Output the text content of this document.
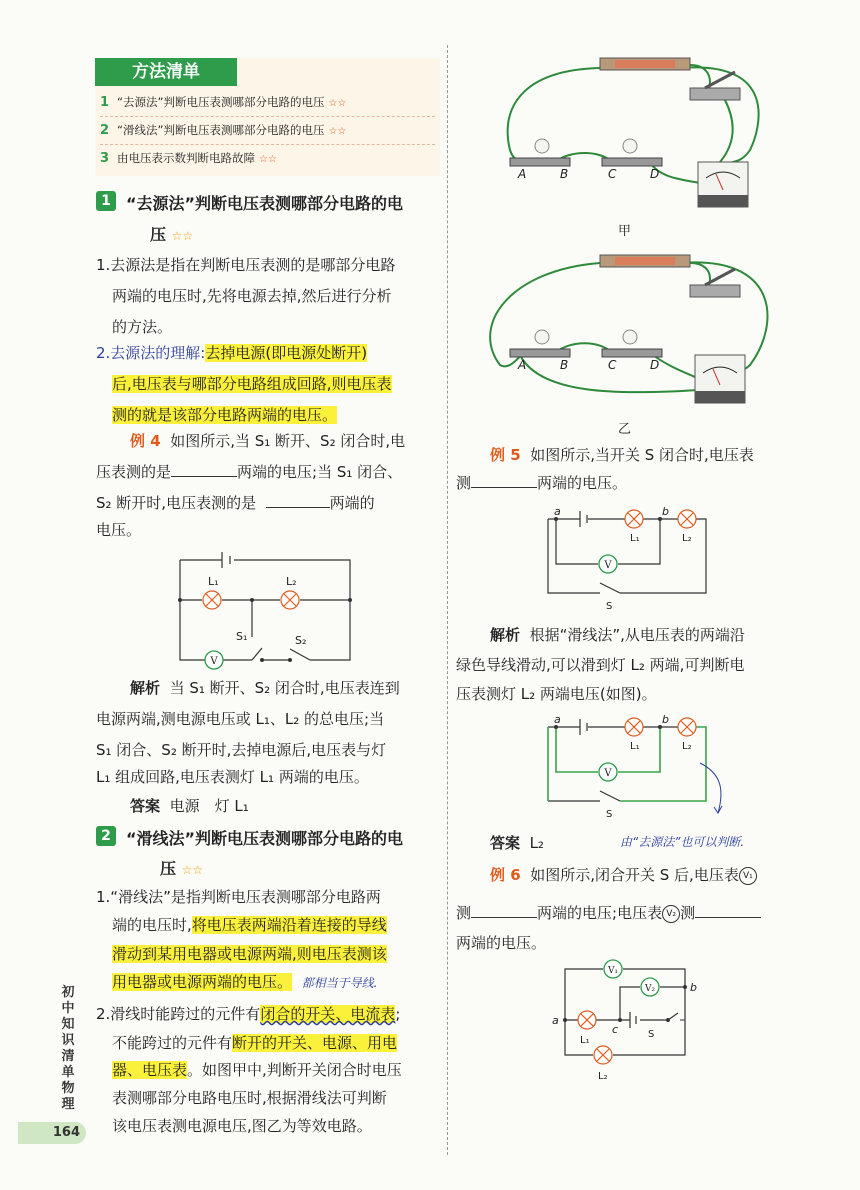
方法清单
1 “去源法”判断电压表测哪部分电路的电压 ☆☆
2 “滑线法”判断电压表测哪部分电路的电压 ☆☆
3 由电压表示数判断电路故障 ☆☆
1 “去源法”判断电压表测哪部分电路的电
压 ☆☆
1.去源法是指在判断电压表测的是哪部分电路
两端的电压时,先将电源去掉,然后进行分析
的方法。
2.去源法的理解:去掉电源(即电源处断开)
后,电压表与哪部分电路组成回路,则电压表
测的就是该部分电路两端的电压。
例 4 如图所示,当 S₁ 断开、S₂ 闭合时,电
压表测的是	两端的电压;当 S₁ 闭合、
S₂ 断开时,电压表测的是	两端的
电压。
V
L₁	L₂
S₁	S₂
解析 当 S₁ 断开、S₂ 闭合时,电压表连到
电源两端,测电源电压或 L₁、L₂ 的总电压;当
S₁ 闭合、S₂ 断开时,去掉电源后,电压表与灯
L₁ 组成回路,电压表测灯 L₁ 两端的电压。
答案 电源　灯 L₁
2 “滑线法”判断电压表测哪部分电路的电
压 ☆☆
1.“滑线法”是指判断电压表测哪部分电路两
端的电压时,将电压表两端沿着连接的导线
滑动到某用电器或电源两端,则电压表测该
用电器或电源两端的电压。 都相当于导线.
2.滑线时能跨过的元件有闭合的开关、电流表;
不能跨过的元件有断开的开关、电源、用电
器、电压表。如图甲中,判断开关闭合时电压
表测哪部分电路电压时,根据滑线法可判断
该电压表测电源电压,图乙为等效电路。
初中知识清单 物理
164
A	B	C	D
甲
A	B	C	D
乙
例 5 如图所示,当开关 S 闭合时,电压表
测	两端的电压。
V
a	b
L₁	L₂
S
解析 根据“滑线法”,从电压表的两端沿
绿色导线滑动,可以滑到灯 L₂ 两端,可判断电
压表测灯 L₂ 两端电压(如图)。
V
a	b
L₁	L₂
S
答案 L₂	由“去源法”也可以判断.
例 6 如图所示,闭合开关 S 后,电压表 V₁
测	两端的电压;电压表 V₂ 测
两端的电压。
V₁
V₂
a
b
c
L₁
L₂
S
